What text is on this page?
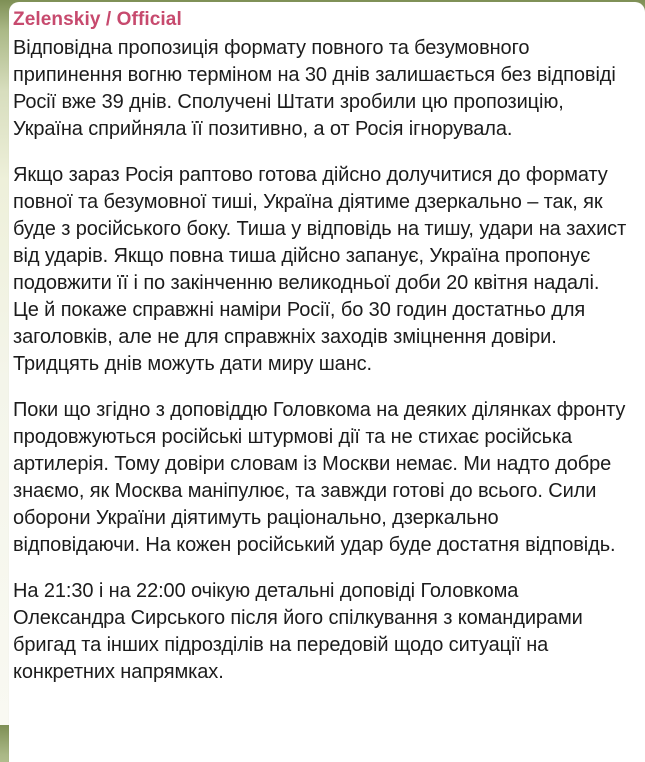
Zelenskiy / Official

Відповідна пропозиція формату повного та безумовного припинення вогню терміном на 30 днів залишається без відповіді Росії вже 39 днів. Сполучені Штати зробили цю пропозицію, Україна сприйняла її позитивно, а от Росія ігнорувала.

Якщо зараз Росія раптово готова дійсно долучитися до формату повної та безумовної тиші, Україна діятиме дзеркально – так, як буде з російського боку. Тиша у відповідь на тишу, удари на захист від ударів. Якщо повна тиша дійсно запанує, Україна пропонує подовжити її і по закінченню великодньої доби 20 квітня надалі. Це й покаже справжні наміри Росії, бо 30 годин достатньо для заголовків, але не для справжніх заходів зміцнення довіри. Тридцять днів можуть дати миру шанс.

Поки що згідно з доповіддю Головкома на деяких ділянках фронту продовжуються російські штурмові дії та не стихає російська артилерія. Тому довіри словам із Москви немає. Ми надто добре знаємо, як Москва маніпулює, та завжди готові до всього. Сили оборони України діятимуть раціонально, дзеркально відповідаючи. На кожен російський удар буде достатня відповідь.

На 21:30 і на 22:00 очікую детальні доповіді Головкома Олександра Сирського після його спілкування з командирами бригад та інших підрозділів на передовій щодо ситуації на конкретних напрямках.
